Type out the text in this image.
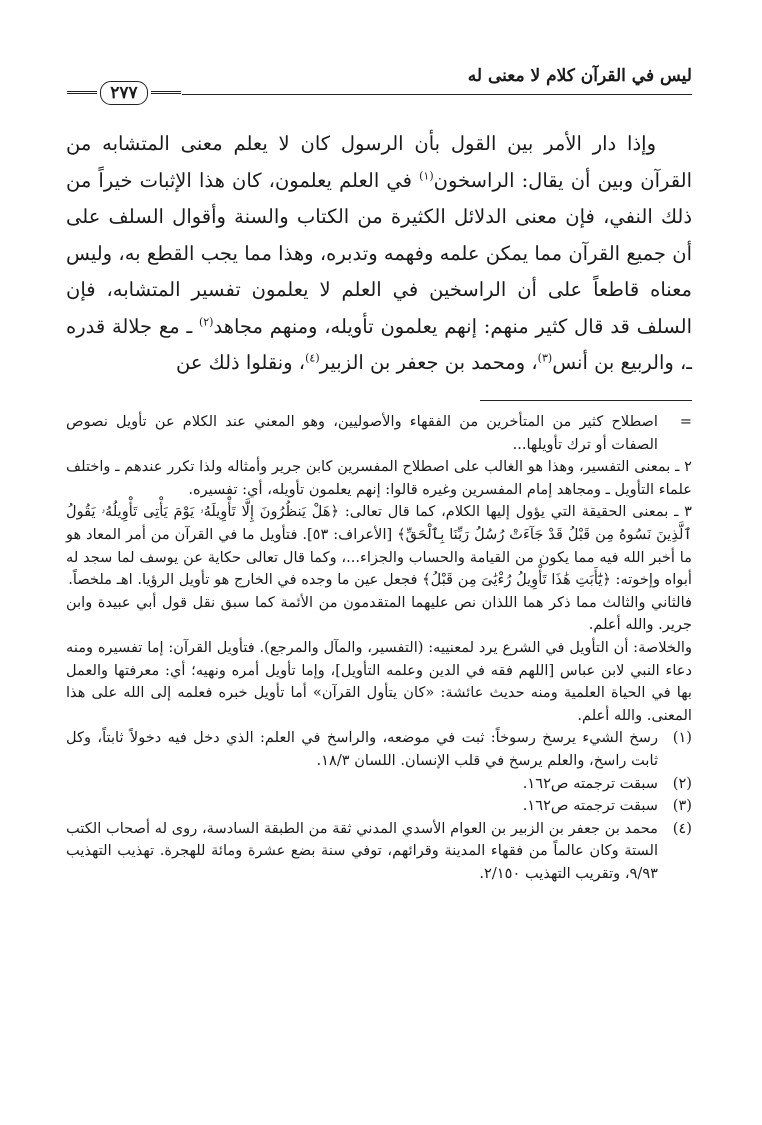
ليس في القرآن كلام لا معنى له
٢٧٧

وإذا دار الأمر بين القول بأن الرسول كان لا يعلم معنى المتشابه من القرآن وبين أن يقال: الراسخون$^{(١)}$ في العلم يعلمون، كان هذا الإثبات خيراً من ذلك النفي، فإن معنى الدلائل الكثيرة من الكتاب والسنة وأقوال السلف على أن جميع القرآن مما يمكن علمه وفهمه وتدبره، وهذا مما يجب القطع به، وليس معناه قاطعاً على أن الراسخين في العلم لا يعلمون تفسير المتشابه، فإن السلف قد قال كثير منهم: إنهم يعلمون تأويله، ومنهم مجاهد$^{(٢)}$ ـ مع جلالة قدره ـ، والربيع بن أنس$^{(٣)}$، ومحمد بن جعفر بن الزبير$^{(٤)}$، ونقلوا ذلك عن

=
اصطلاح كثير من المتأخرين من الفقهاء والأصوليين، وهو المعني عند الكلام عن تأويل نصوص الصفات أو ترك تأويلها...

٢ ـ بمعنى التفسير، وهذا هو الغالب على اصطلاح المفسرين كابن جرير وأمثاله ولذا تكرر عندهم ـ واختلف علماء التأويل ـ ومجاهد إمام المفسرين وغيره قالوا: إنهم يعلمون تأويله، أي: تفسيره.

٣ ـ بمعنى الحقيقة التي يؤول إليها الكلام، كما قال تعالى: ﴿هَلْ يَنظُرُونَ إِلَّا تَأْوِيلَهُۥ يَوْمَ يَأْتِى تَأْوِيلُهُۥ يَقُولُ ٱلَّذِينَ نَسُوهُ مِن قَبْلُ قَدْ جَآءَتْ رُسُلُ رَبِّنَا بِٱلْحَقِّ﴾ [الأعراف: ٥٣]. فتأويل ما في القرآن من أمر المعاد هو ما أخبر الله فيه مما يكون من القيامة والحساب والجزاء...، وكما قال تعالى حكاية عن يوسف لما سجد له أبواه وإخوته: ﴿يَٰٓأَبَتِ هَٰذَا تَأْوِيلُ رُءْيَٰىَ مِن قَبْلُ﴾ فجعل عين ما وجده في الخارج هو تأويل الرؤيا. اهـ ملخصاً.

فالثاني والثالث مما ذكر هما اللذان نص عليهما المتقدمون من الأئمة كما سبق نقل قول أبي عبيدة وابن جرير. والله أعلم.

والخلاصة: أن التأويل في الشرع يرد لمعنييه: (التفسير، والمآل والمرجع). فتأويل القرآن: إما تفسيره ومنه دعاء النبي لابن عباس [اللهم فقه في الدين وعلمه التأويل]، وإما تأويل أمره ونهيه؛ أي: معرفتها والعمل بها في الحياة العلمية ومنه حديث عائشة: «كان يتأول القرآن» أما تأويل خبره فعلمه إلى الله على هذا المعنى. والله أعلم.

(١)
رسخ الشيء يرسخ رسوخاً: ثبت في موضعه، والراسخ في العلم: الذي دخل فيه دخولاً ثابتاً، وكل ثابت راسخ، والعلم يرسخ في قلب الإنسان. اللسان ١٨/٣.
(٢)
سبقت ترجمته ص١٦٢.
(٣)
سبقت ترجمته ص١٦٢.
(٤)
محمد بن جعفر بن الزبير بن العوام الأسدي المدني ثقة من الطبقة السادسة، روى له أصحاب الكتب الستة وكان عالماً من فقهاء المدينة وقرائهم، توفي سنة بضع عشرة ومائة للهجرة. تهذيب التهذيب ٩/٩٣، وتقريب التهذيب ٢/١٥٠.
